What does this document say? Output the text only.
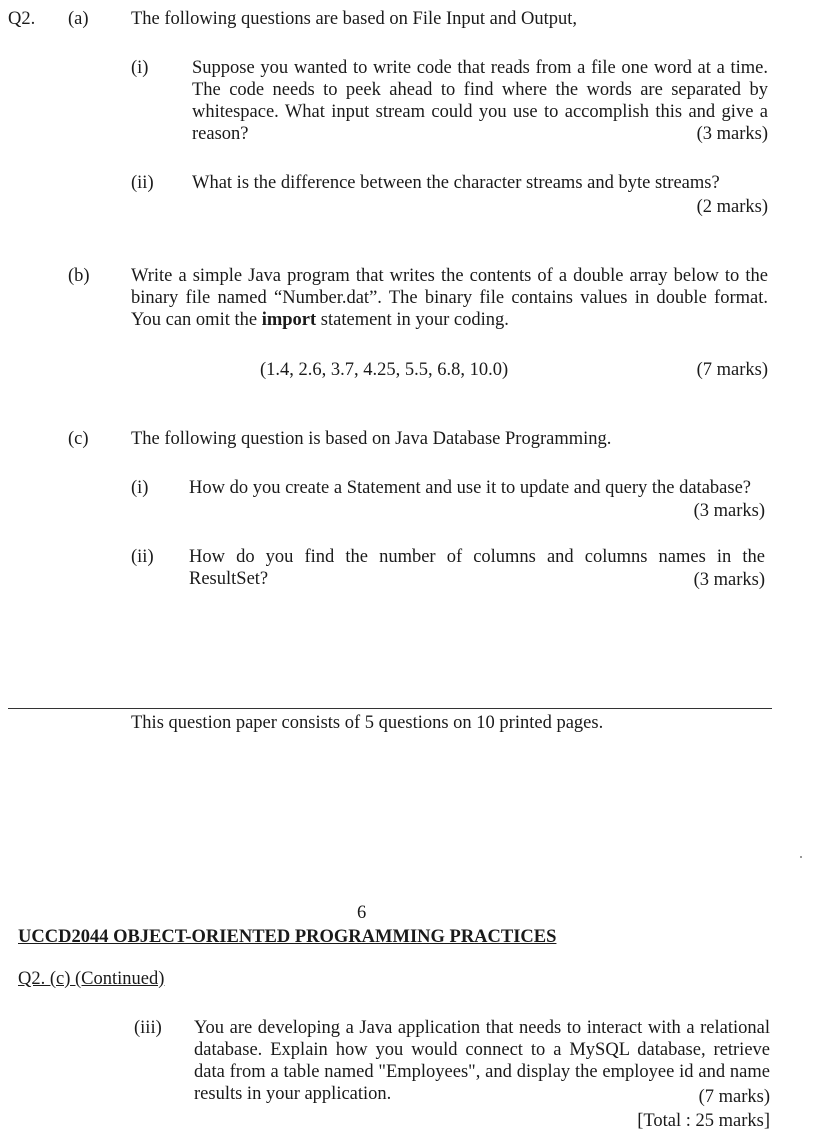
Q2. (a) The following questions are based on File Input and Output,

(i) Suppose you wanted to write code that reads from a file one word at a time. The code needs to peek ahead to find where the words are separated by whitespace. What input stream could you use to accomplish this and give a reason?	(3 marks)

(ii) What is the difference between the character streams and byte streams?

(2 marks)

(b) Write a simple Java program that writes the contents of a double array below to the binary file named “Number.dat”. The binary file contains values in double format. You can omit the import statement in your coding.

(1.4, 2.6, 3.7, 4.25, 5.5, 6.8, 10.0)	(7 marks)

(c) The following question is based on Java Database Programming.

(i) How do you create a Statement and use it to update and query the database?

(3 marks)

(ii) How do you find the number of columns and columns names in the ResultSet?	(3 marks)

This question paper consists of 5 questions on 10 printed pages.

6

UCCD2044 OBJECT-ORIENTED PROGRAMMING PRACTICES

Q2. (c) (Continued)

(iii) You are developing a Java application that needs to interact with a relational database. Explain how you would connect to a MySQL database, retrieve data from a table named "Employees", and display the employee id and name results in your application.	(7 marks)

[Total : 25 marks]
